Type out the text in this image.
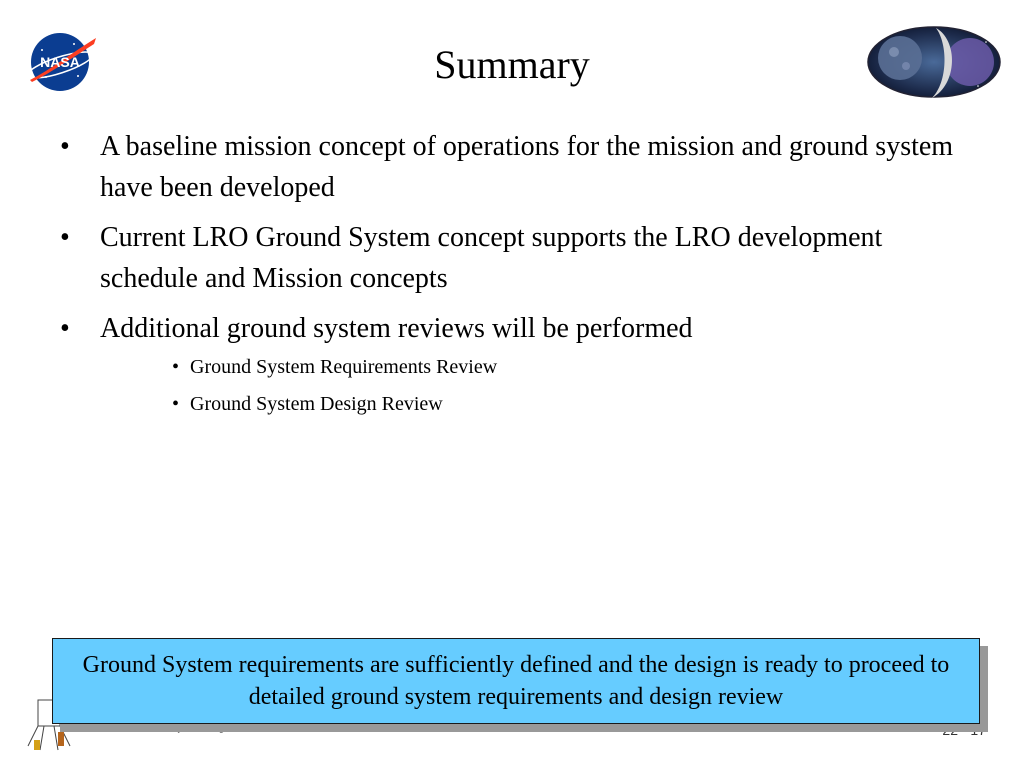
NASA	Summary
• A baseline mission concept of operations for the mission and ground system have been developed
• Current LRO Ground System concept supports the LRO development schedule and Mission concepts
• Additional ground system reviews will be performed
• Ground System Requirements Review
• Ground System Design Review
Ground System requirements are sufficiently defined and the design is ready to proceed to detailed ground system requirements and design review
